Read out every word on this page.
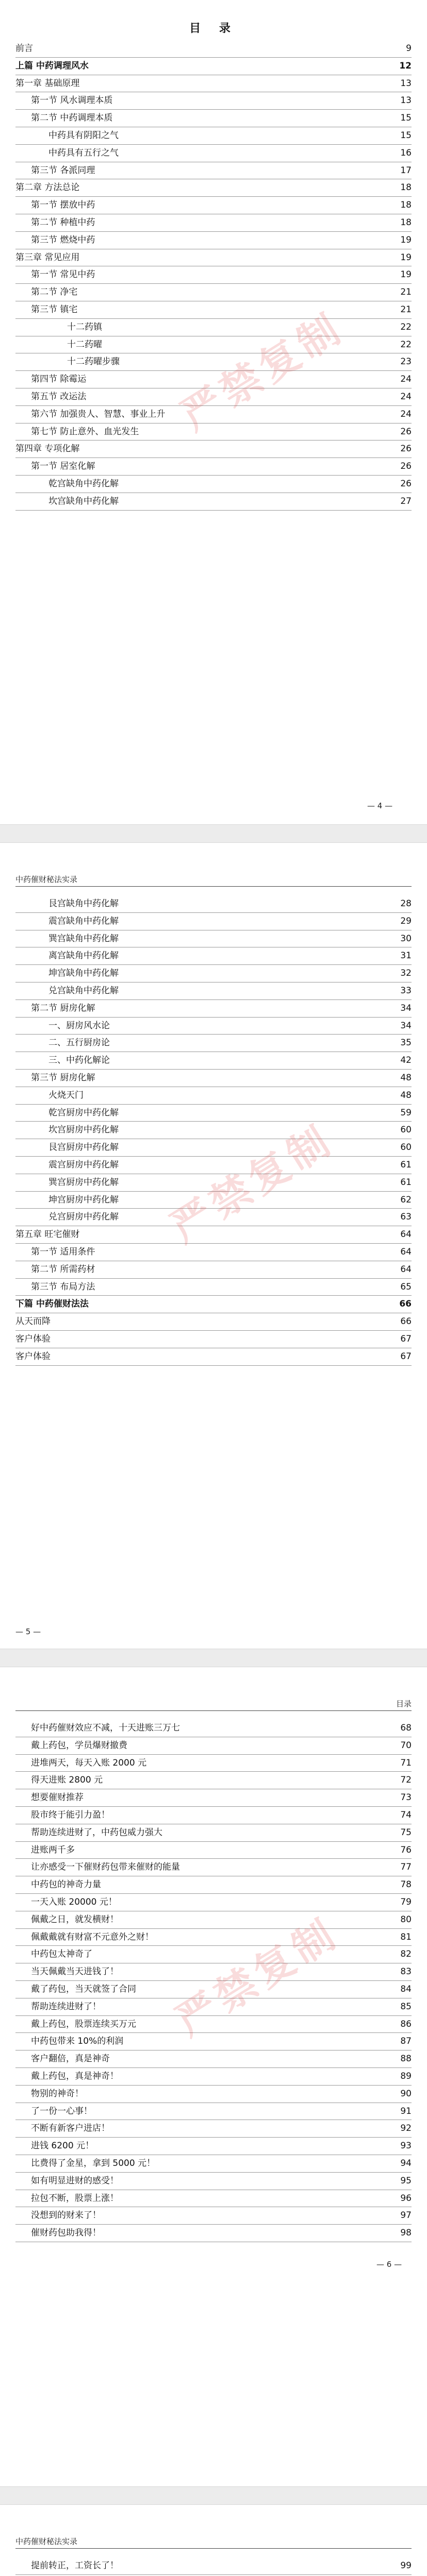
目 录
前言	9
上篇 中药调理风水	12
第一章 基础原理	13
第一节 风水调理本质	13
第二节 中药调理本质	15
中药具有阴阳之气	15
中药具有五行之气	16
第三节 各派同理	17
第二章 方法总论	18
第一节 摆放中药	18
第二节 种植中药	18
第三节 燃烧中药	19
第三章 常见应用	19
第一节 常见中药	19
第二节 净宅	21
第三节 镇宅	21
十二药镇	22
十二药曜	22
十二药曜步骤	23
第四节 除霉运	24
第五节 改运法	24
第六节 加强贵人、智慧、事业上升	24
第七节 防止意外、血光发生	26
第四章 专项化解	26
第一节 居室化解	26
乾宫缺角中药化解	26
坎宫缺角中药化解	27
— 4 —
严禁复制
中药催财秘法实录
艮宫缺角中药化解	28
震宫缺角中药化解	29
巽宫缺角中药化解	30
离宫缺角中药化解	31
坤宫缺角中药化解	32
兑宫缺角中药化解	33
第二节 厨房化解	34
一、厨房风水论	34
二、五行厨房论	35
三、中药化解论	42
第三节 厨房化解	48
火烧天门	48
乾宫厨房中药化解	59
坎宫厨房中药化解	60
艮宫厨房中药化解	60
震宫厨房中药化解	61
巽宫厨房中药化解	61
坤宫厨房中药化解	62
兑宫厨房中药化解	63
第五章 旺宅催财	64
第一节 适用条件	64
第二节 所需药材	64
第三节 布局方法	65
下篇 中药催财法法	66
从天而降	66
客户体验	67
客户体验	67
— 5 —
严禁复制
目录
好中药催财效应不减，十天进账三万七	68
戴上药包，学员爆财撤费	70
进堆两天，每天入账 2000 元	71
得天进账 2800 元	72
想要催财推荐	73
股市终于能引力盈！	74
帮助连续进财了，中药包威力强大	75
进账两千多	76
让亦感受一下催财药包带来催财的能量	77
中药包的神奇力量	78
一天入账 20000 元！	79
佩戴之日，就发横财！	80
佩戴戴就有财富不元意外之财！	81
中药包太神奇了	82
当天佩戴当天进钱了！	83
戴了药包，当天就签了合同	84
帮助连续进财了！	85
戴上药包，股票连续买万元	86
中药包带来 10%的利润	87
客户翻倍，真是神奇	88
戴上药包，真是神奇！	89
物别的神奇！	90
了一份一心事！	91
不断有新客户进店！	92
进钱 6200 元！	93
比费得了金星，拿到 5000 元！	94
如有明显进财的感受！	95
拉包不断，股票上涨！	96
没想到的财来了！	97
催财药包助我得！	98
— 6 —
严禁复制
中药催财秘法实录
提前转正，工资长了！	99
